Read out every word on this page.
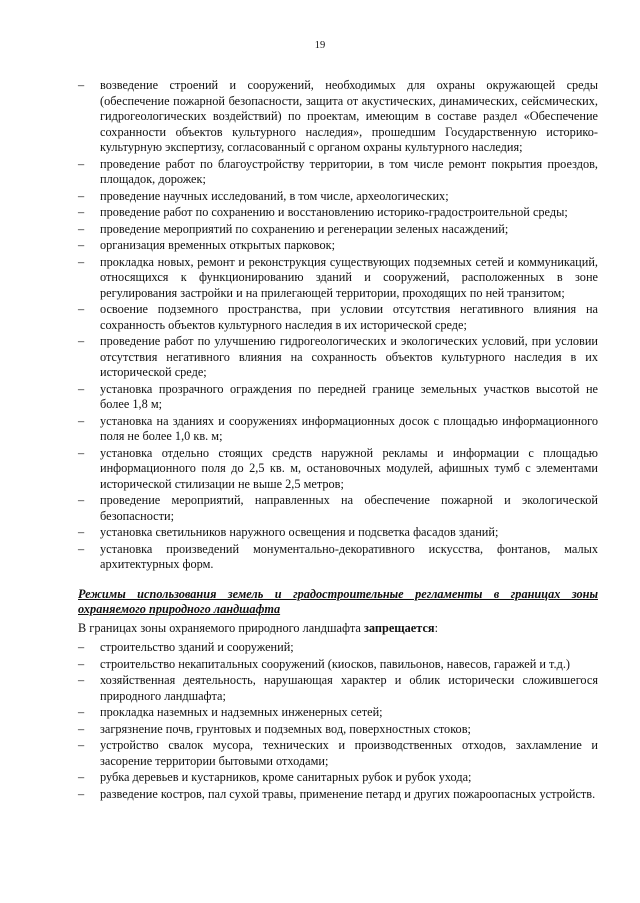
19
– возведение строений и сооружений, необходимых для охраны окружающей среды (обеспечение пожарной безопасности, защита от акустических, динамических, сейсмических, гидрогеологических воздействий) по проектам, имеющим в составе раздел «Обеспечение сохранности объектов культурного наследия», прошедшим Государственную историко-культурную экспертизу, согласованный с органом охраны культурного наследия;
– проведение работ по благоустройству территории, в том числе ремонт покрытия проездов, площадок, дорожек;
– проведение научных исследований, в том числе, археологических;
– проведение работ по сохранению и восстановлению историко-градостроительной среды;
– проведение мероприятий по сохранению и регенерации зеленых насаждений;
– организация временных открытых парковок;
– прокладка новых, ремонт и реконструкция существующих подземных сетей и коммуникаций, относящихся к функционированию зданий и сооружений, расположенных в зоне регулирования застройки и на прилегающей территории, проходящих по ней транзитом;
– освоение подземного пространства, при условии отсутствия негативного влияния на сохранность объектов культурного наследия в их исторической среде;
– проведение работ по улучшению гидрогеологических и экологических условий, при условии отсутствия негативного влияния на сохранность объектов культурного наследия в их исторической среде;
– установка прозрачного ограждения по передней границе земельных участков высотой не более 1,8 м;
– установка на зданиях и сооружениях информационных досок с площадью информационного поля не более 1,0 кв. м;
– установка отдельно стоящих средств наружной рекламы и информации с площадью информационного поля до 2,5 кв. м, остановочных модулей, афишных тумб с элементами исторической стилизации не выше 2,5 метров;
– проведение мероприятий, направленных на обеспечение пожарной и экологической безопасности;
– установка светильников наружного освещения и подсветка фасадов зданий;
– установка произведений монументально-декоративного искусства, фонтанов, малых архитектурных форм.
Режимы использования земель и градостроительные регламенты в границах зоны охраняемого природного ландшафта
В границах зоны охраняемого природного ландшафта запрещается:
– строительство зданий и сооружений;
– строительство некапитальных сооружений (киосков, павильонов, навесов, гаражей и т.д.)
– хозяйственная деятельность, нарушающая характер и облик исторически сложившегося природного ландшафта;
– прокладка наземных и надземных инженерных сетей;
– загрязнение почв, грунтовых и подземных вод, поверхностных стоков;
– устройство свалок мусора, технических и производственных отходов, захламление и засорение территории бытовыми отходами;
– рубка деревьев и кустарников, кроме санитарных рубок и рубок ухода;
– разведение костров, пал сухой травы, применение петард и других пожароопасных устройств.
